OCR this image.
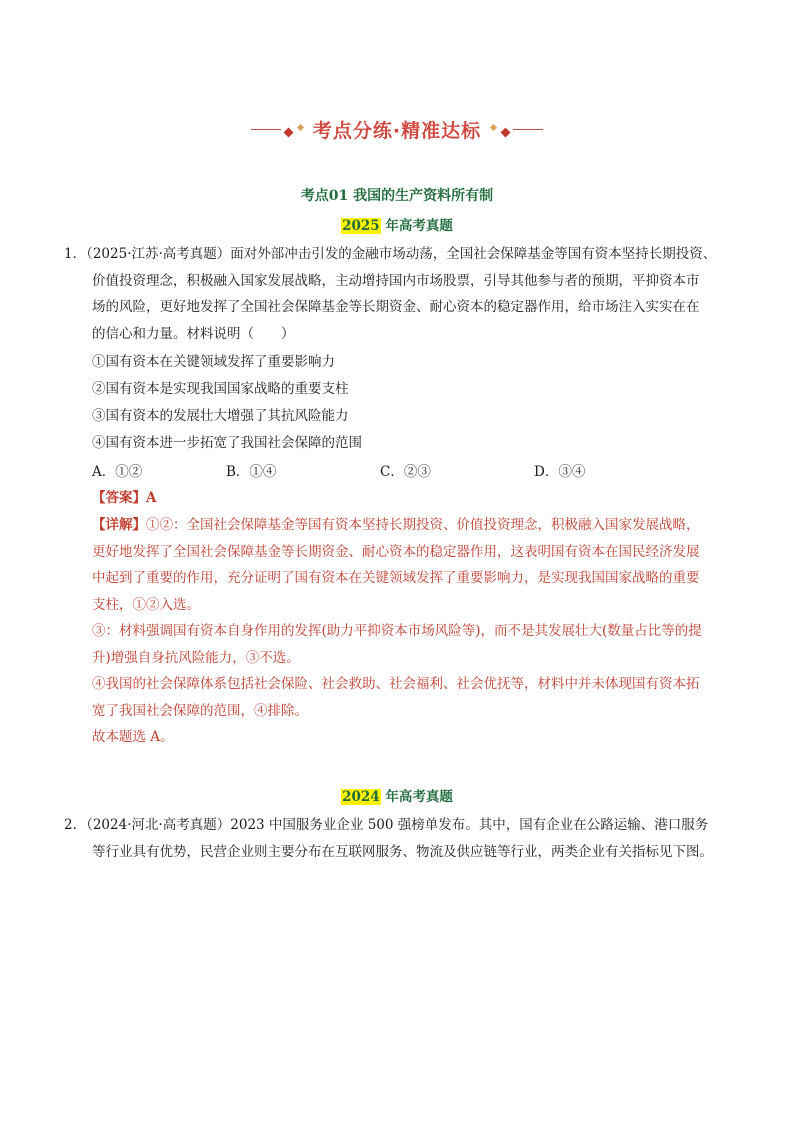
考点分练·精准达标
考点01 我国的生产资料所有制
2025 年高考真题
1．（2025·江苏·高考真题）面对外部冲击引发的金融市场动荡，全国社会保障基金等国有资本坚持长期投资、
价值投资理念，积极融入国家发展战略，主动增持国内市场股票，引导其他参与者的预期，平抑资本市
场的风险，更好地发挥了全国社会保障基金等长期资金、耐心资本的稳定器作用，给市场注入实实在在
的信心和力量。材料说明（　　）
①国有资本在关键领域发挥了重要影响力
②国有资本是实现我国国家战略的重要支柱
③国有资本的发展壮大增强了其抗风险能力
④国有资本进一步拓宽了我国社会保障的范围
A．①②	B．①④	C．②③	D．③④
【答案】A
【详解】①②：全国社会保障基金等国有资本坚持长期投资、价值投资理念，积极融入国家发展战略，
更好地发挥了全国社会保障基金等长期资金、耐心资本的稳定器作用，这表明国有资本在国民经济发展
中起到了重要的作用，充分证明了国有资本在关键领域发挥了重要影响力，是实现我国国家战略的重要
支柱，①②入选。
③：材料强调国有资本自身作用的发挥(助力平抑资本市场风险等)，而不是其发展壮大(数量占比等的提
升)增强自身抗风险能力，③不选。
④我国的社会保障体系包括社会保险、社会救助、社会福利、社会优抚等，材料中并未体现国有资本拓
宽了我国社会保障的范围，④排除。
故本题选 A。
2024 年高考真题
2．（2024·河北·高考真题）2023 中国服务业企业 500 强榜单发布。其中，国有企业在公路运输、港口服务
等行业具有优势，民营企业则主要分布在互联网服务、物流及供应链等行业，两类企业有关指标见下图。
